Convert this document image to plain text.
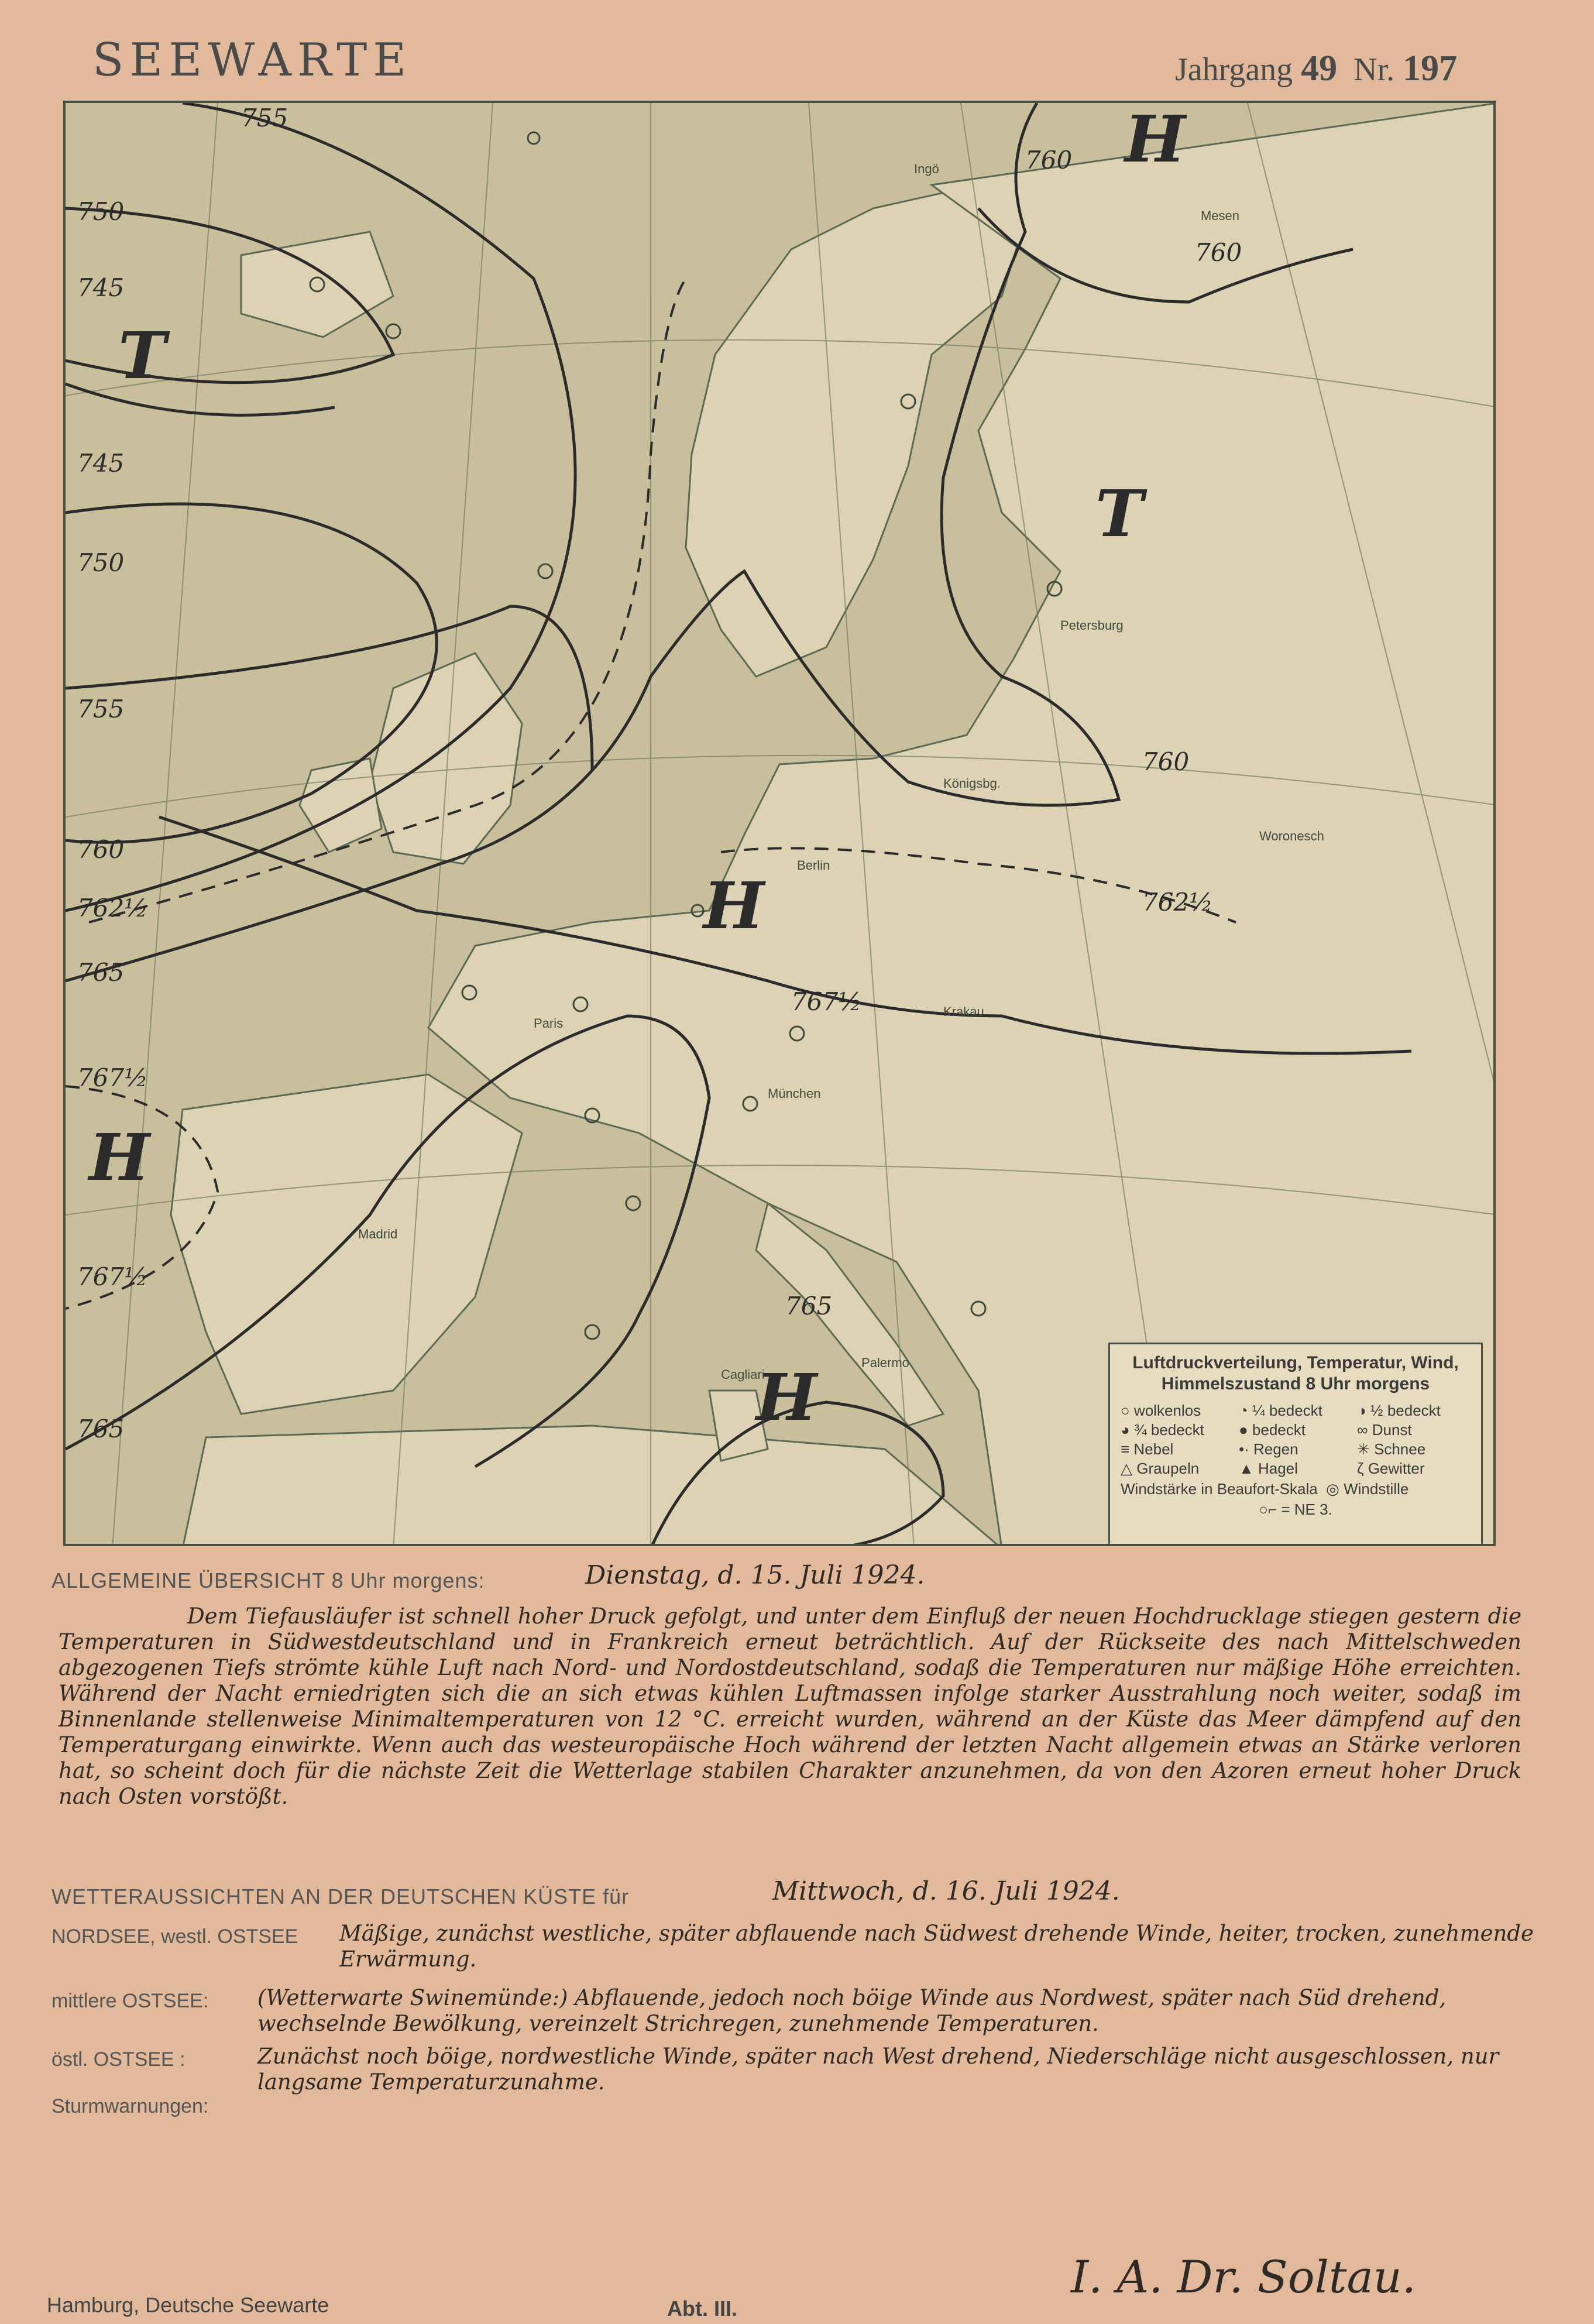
SEEWARTE	Jahrgang 49 Nr. 197
H
T
T
H
H
H
755
760
750
745
745
750
755
760
760
760
762½
765
762½
767½
767½
767½
765
765
Ingö
Mesen
Petersburg
Königsbg.
Berlin
Paris
München
Krakau
Madrid
Cagliari
Palermo
Woronesch
Luftdruckverteilung, Temperatur, Wind, Himmelszustand 8 Uhr morgens
○ wolkenlos	◔ ¼ bedeckt	◑ ½ bedeckt
◕ ¾ bedeckt	● bedeckt	∞ Dunst
≡ Nebel	•· Regen	✳ Schnee
△ Graupeln	▲ Hagel	ζ Gewitter
Windstärke in Beaufort-Skala ◎ Windstille
○⌐ = NE 3.
ALLGEMEINE ÜBERSICHT 8 Uhr morgens:	Dienstag, d. 15. Juli 1924.
Dem Tiefausläufer ist schnell hoher Druck gefolgt, und unter dem Einfluß der neuen Hochdrucklage stiegen gestern die Temperaturen in Südwestdeutschland und in Frankreich erneut beträchtlich. Auf der Rückseite des nach Mittelschweden abgezogenen Tiefs strömte kühle Luft nach Nord- und Nordostdeutschland, sodaß die Temperaturen nur mäßige Höhe erreichten. Während der Nacht erniedrigten sich die an sich etwas kühlen Luftmassen infolge starker Ausstrahlung noch weiter, sodaß im Binnenlande stellenweise Minimaltemperaturen von 12 °C. erreicht wurden, während an der Küste das Meer dämpfend auf den Temperaturgang einwirkte. Wenn auch das westeuropäische Hoch während der letzten Nacht allgemein etwas an Stärke verloren hat, so scheint doch für die nächste Zeit die Wetterlage stabilen Charakter anzunehmen, da von den Azoren erneut hoher Druck nach Osten vorstößt.
WETTERAUSSICHTEN AN DER DEUTSCHEN KÜSTE für	Mittwoch, d. 16. Juli 1924.
NORDSEE, westl. OSTSEE Mäßige, zunächst westliche, später abflauende nach Südwest drehende Winde, heiter, trocken, zunehmende Erwärmung.
mittlere OSTSEE: (Wetterwarte Swinemünde:) Abflauende, jedoch noch böige Winde aus Nordwest, später nach Süd drehend, wechselnde Bewölkung, vereinzelt Strichregen, zunehmende Temperaturen.
östl. OSTSEE :	Zunächst noch böige, nordwestliche Winde, später nach West drehend, Niederschläge nicht ausgeschlossen, nur langsame Temperaturzunahme.
Sturmwarnungen:
Hamburg, Deutsche Seewarte	Abt. III.
I. A. Dr. Soltau.
